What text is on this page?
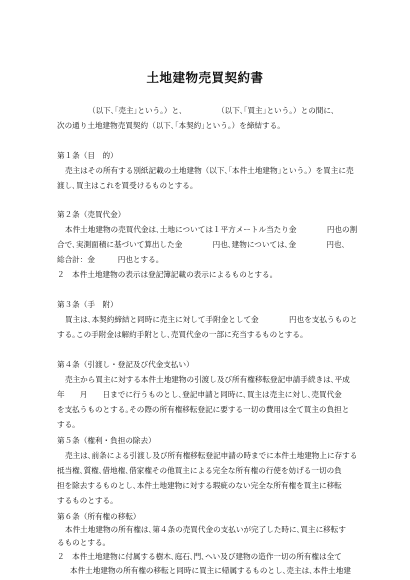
土地建物売買契約書
（以下､｢売主｣という｡）と､　　　　　（以下､｢買主｣という｡）との間に､
次の通り土地建物売買契約（以下､｢本契約｣という｡）を締結する｡
第１条（目　的）
売主はその所有する別紙記載の土地建物（以下､｢本件土地建物｣という｡）を買主に売
渡し､買主はこれを買受けるものとする｡
第２条（売買代金）
本件土地建物の売買代金は､土地については１平方メートル当たり金　　　　円也の割
合で､実測面積に基づいて算出した金　　　　円也､建物については､金　　　　円也､
総合計：金　　　円也とする｡
２　本件土地建物の表示は登記簿記載の表示によるものとする｡
第３条（手　附）
買主は､本契約締結と同時に売主に対して手附金として金　　　　円也を支払うものと
する｡この手附金は解約手附とし､売買代金の一部に充当するものとする｡
第４条（引渡し・登記及び代金支払い）
売主から買主に対する本件土地建物の引渡し及び所有権移転登記申請手続きは､平成
年　　月　　日までに行うものとし､登記申請と同時に､買主は売主に対し､売買代金
を支払うものとする｡その際の所有権移転登記に要する一切の費用は全て買主の負担と
する｡
第５条（権利・負担の除去）
売主は､前条による引渡し及び所有権移転登記申請の時までに本件土地建物上に存する
抵当権､質権､借地権､借家権その他買主による完全な所有権の行使を妨げる一切の負
担を除去するものとし､本件土地建物に対する瑕疵のない完全な所有権を買主に移転
するものとする｡
第６条（所有権の移転）
本件土地建物の所有権は､第４条の売買代金の支払いが完了した時に､買主に移転す
るものとする｡
２　本件土地建物に付属する樹木､庭石､門､へい及び建物の造作一切の所有権は全て
本件土地建物の所有権の移転と同時に買主に帰属するものとし､売主は､本件土地建
